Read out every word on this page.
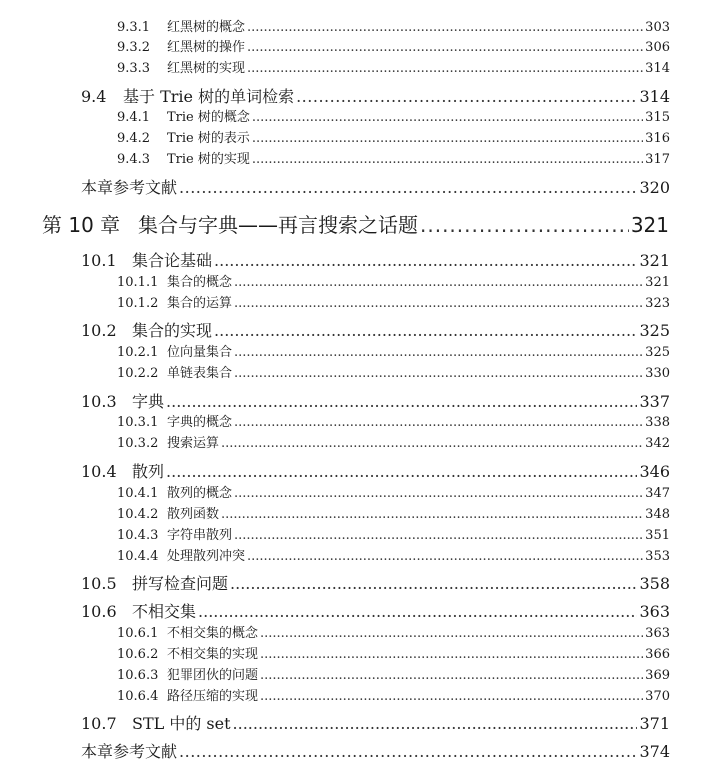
9.3.1	红黑树的概念 .....	303
9.3.2	红黑树的操作 .....	306
9.3.3	红黑树的实现 .....	314
9.4	基于 Trie 树的单词检索 .....	314
9.4.1	Trie 树的概念 .....	315
9.4.2	Trie 树的表示 .....	316
9.4.3	Trie 树的实现 .....	317
本章参考文献 .....	320
第 10 章 集合与字典——再言搜索之话题 .....	321
10.1 集合论基础 .....	321
10.1.1 集合的概念 .....	321
10.1.2 集合的运算 .....	323
10.2 集合的实现 .....	325
10.2.1 位向量集合 .....	325
10.2.2 单链表集合 .....	330
10.3 字典 .....	337
10.3.1 字典的概念 .....	338
10.3.2 搜索运算 .....	342
10.4 散列 .....	346
10.4.1 散列的概念 .....	347
10.4.2 散列函数 .....	348
10.4.3 字符串散列 .....	351
10.4.4 处理散列冲突 .....	353
10.5 拼写检查问题 .....	358
10.6 不相交集 .....	363
10.6.1 不相交集的概念 .....	363
10.6.2 不相交集的实现 .....	366
10.6.3 犯罪团伙的问题 .....	369
10.6.4 路径压缩的实现 .....	370
10.7 STL 中的 set .....	371
本章参考文献 .....	374
